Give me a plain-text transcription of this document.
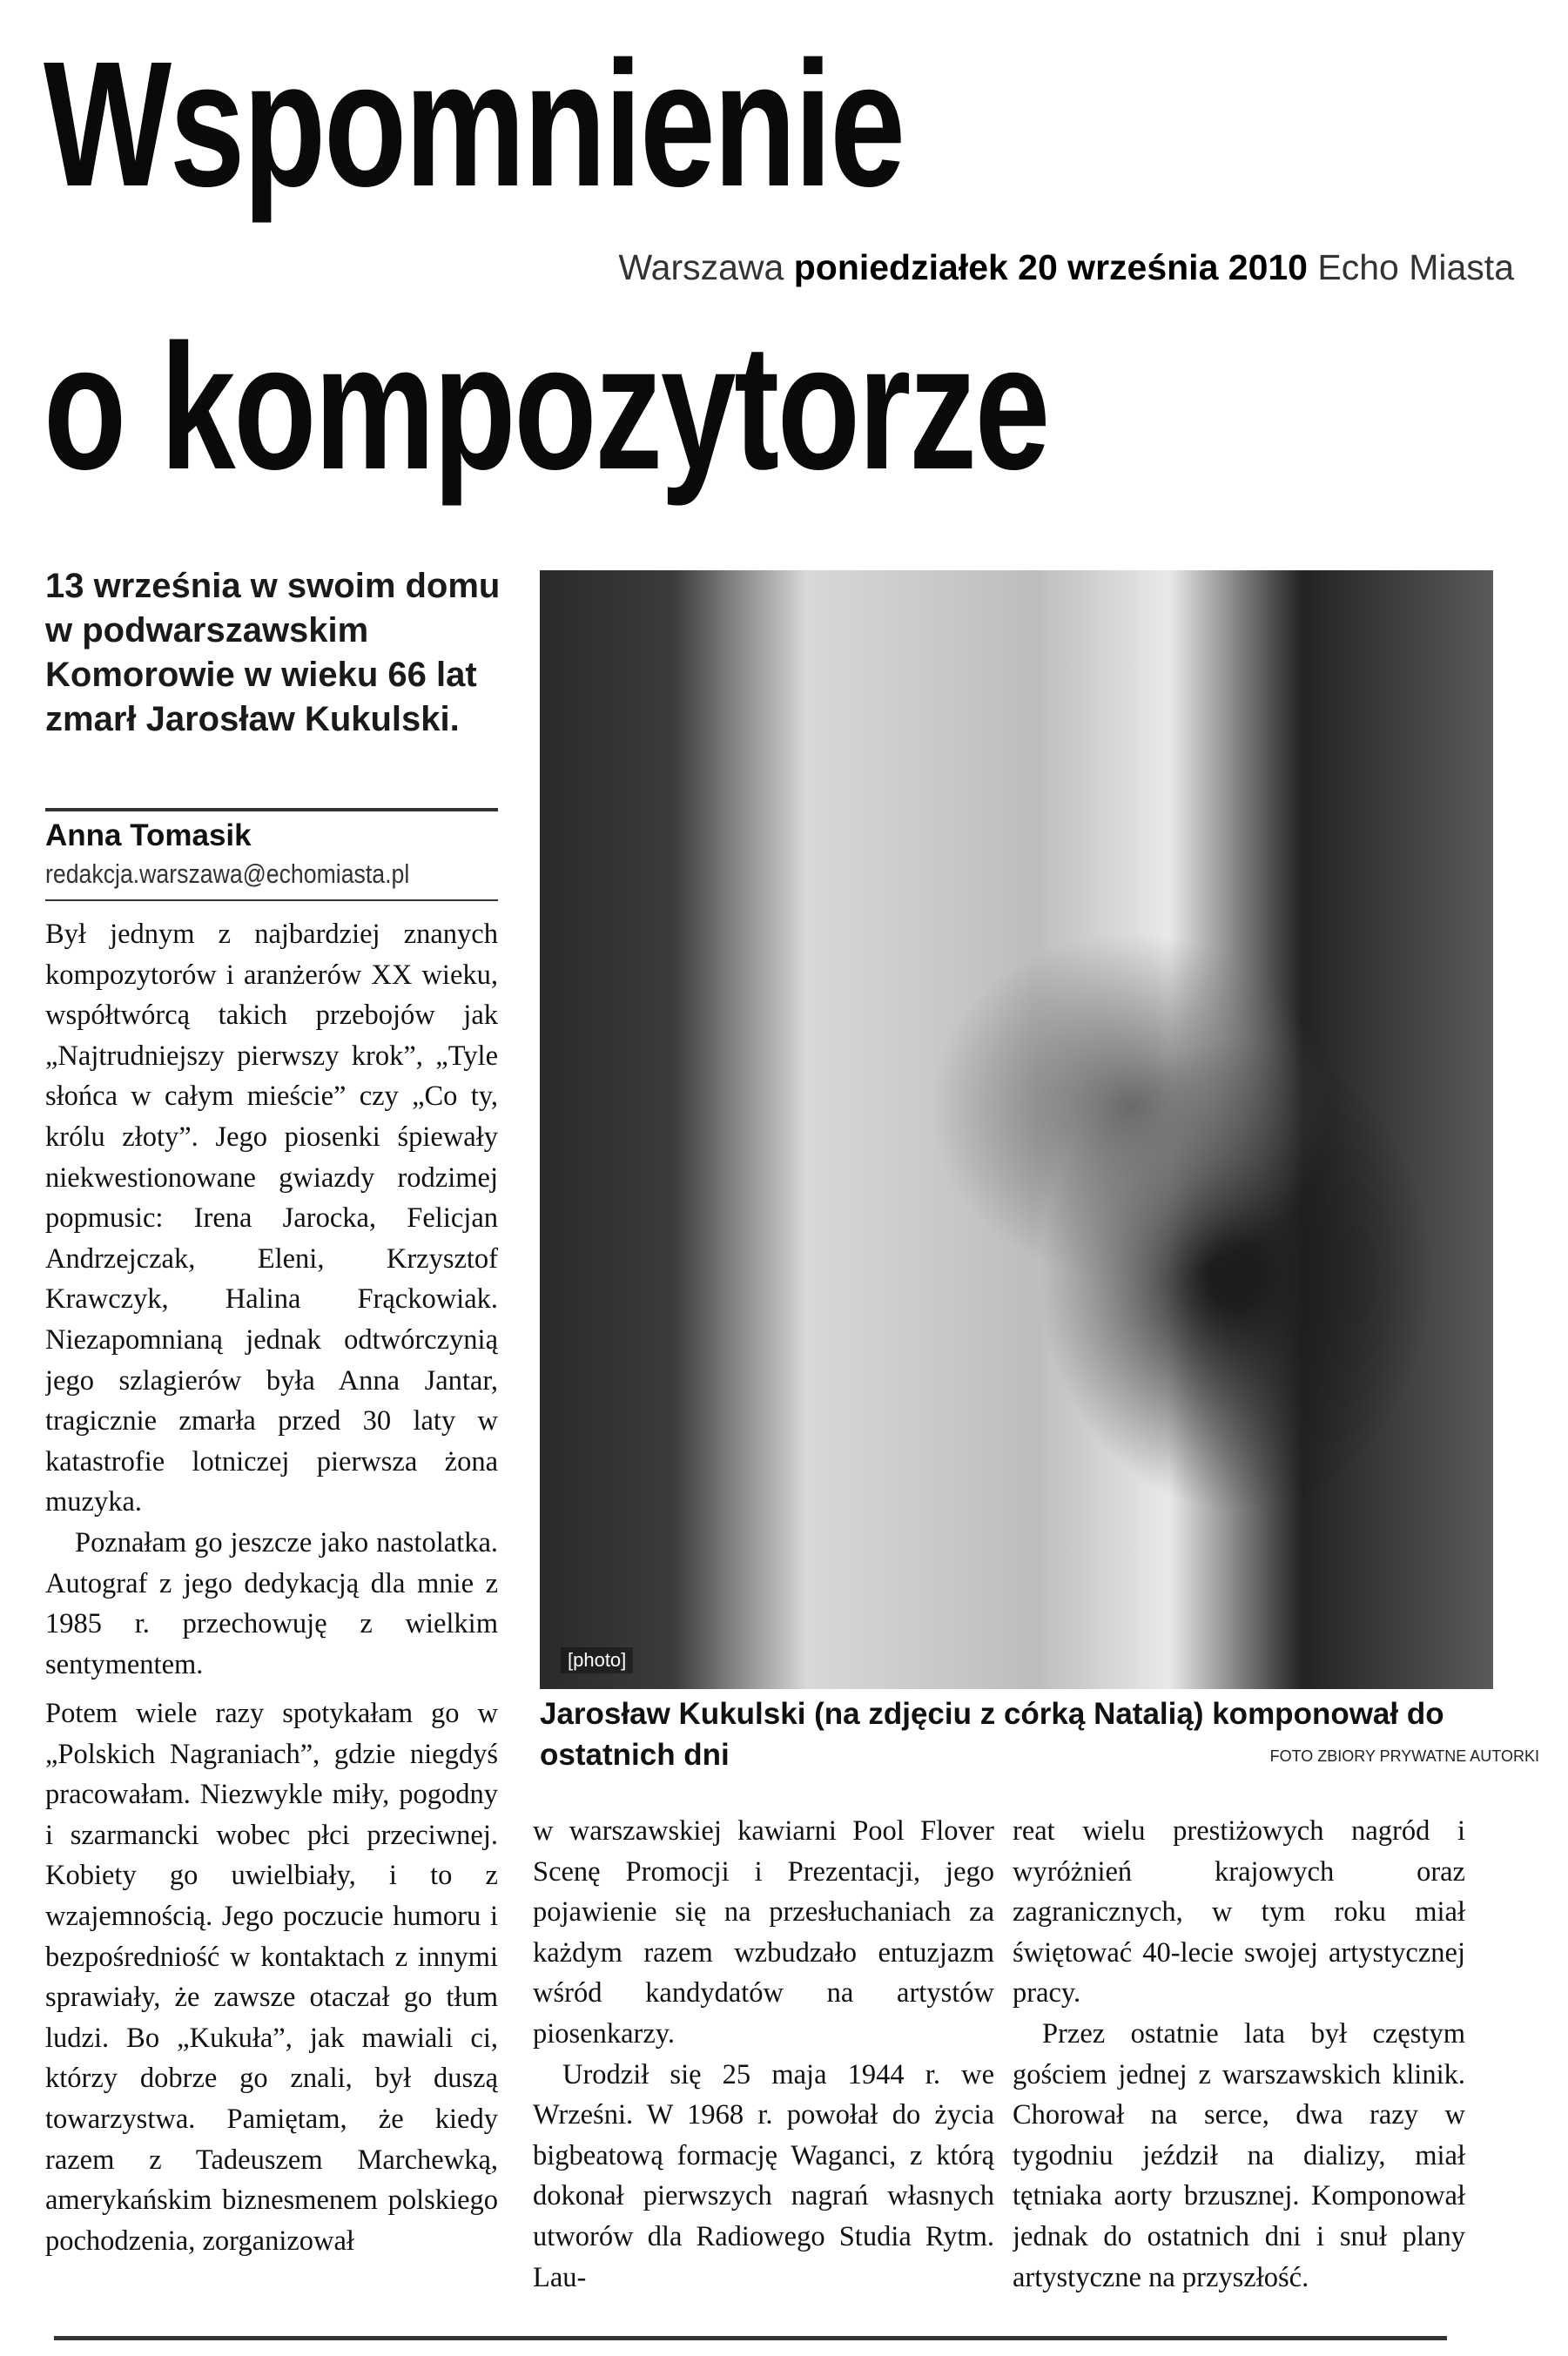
Wspomnienie
o kompozytorze
Warszawa poniedziałek 20 września 2010 Echo Miasta

13 września w swoim domu w podwarszawskim Komorowie w wieku 66 lat zmarł Jarosław Kukulski.

Anna Tomasik
redakcja.warszawa@echomiasta.pl

Był jednym z najbardziej znanych kompozytorów i aranżerów XX wieku, współtwórcą takich przebojów jak „Najtrudniejszy pierwszy krok”, „Tyle słońca w całym mieście” czy „Co ty, królu złoty”. Jego piosenki śpiewały niekwestionowane gwiazdy rodzimej popmusic: Irena Jarocka, Felicjan Andrzejczak, Eleni, Krzysztof Krawczyk, Halina Frąckowiak. Niezapomnianą jednak odtwórczynią jego szlagierów była Anna Jantar, tragicznie zmarła przed 30 laty w katastrofie lotniczej pierwsza żona muzyka.

Poznałam go jeszcze jako nastolatka. Autograf z jego dedykacją dla mnie z 1985 r. przechowuję z wielkim sentymentem.	[photo]

Jarosław Kukulski (na zdjęciu z córką Natalią) komponował do ostatnich dni	FOTO ZBIORY PRYWATNE AUTORKI

Potem wiele razy spotykałam go w „Polskich Nagraniach”, gdzie niegdyś pracowałam. Niezwykle miły, pogodny i szarmancki wobec płci przeciwnej. Kobiety go uwielbiały, i to z wzajemnością. Jego poczucie humoru i bezpośredniość w kontaktach z innymi sprawiały, że zawsze otaczał go tłum ludzi. Bo „Kukuła”, jak mawiali ci, którzy dobrze go znali, był duszą towarzystwa. Pamiętam, że kiedy razem z Tadeuszem Marchewką, amerykańskim biznesmenem polskiego pochodzenia, zorganizował

w warszawskiej kawiarni Pool Flover Scenę Promocji i Prezentacji, jego pojawienie się na przesłuchaniach za każdym razem wzbudzało entuzjazm wśród kandydatów na artystów piosenkarzy.

Urodził się 25 maja 1944 r. we Wrześni. W 1968 r. powołał do życia bigbeatową formację Waganci, z którą dokonał pierwszych nagrań własnych utworów dla Radiowego Studia Rytm. Lau-

reat wielu prestiżowych nagród i wyróżnień krajowych oraz zagranicznych, w tym roku miał świętować 40-lecie swojej artystycznej pracy.

Przez ostatnie lata był częstym gościem jednej z warszawskich klinik. Chorował na serce, dwa razy w tygodniu jeździł na dializy, miał tętniaka aorty brzusznej. Komponował jednak do ostatnich dni i snuł plany artystyczne na przyszłość.
